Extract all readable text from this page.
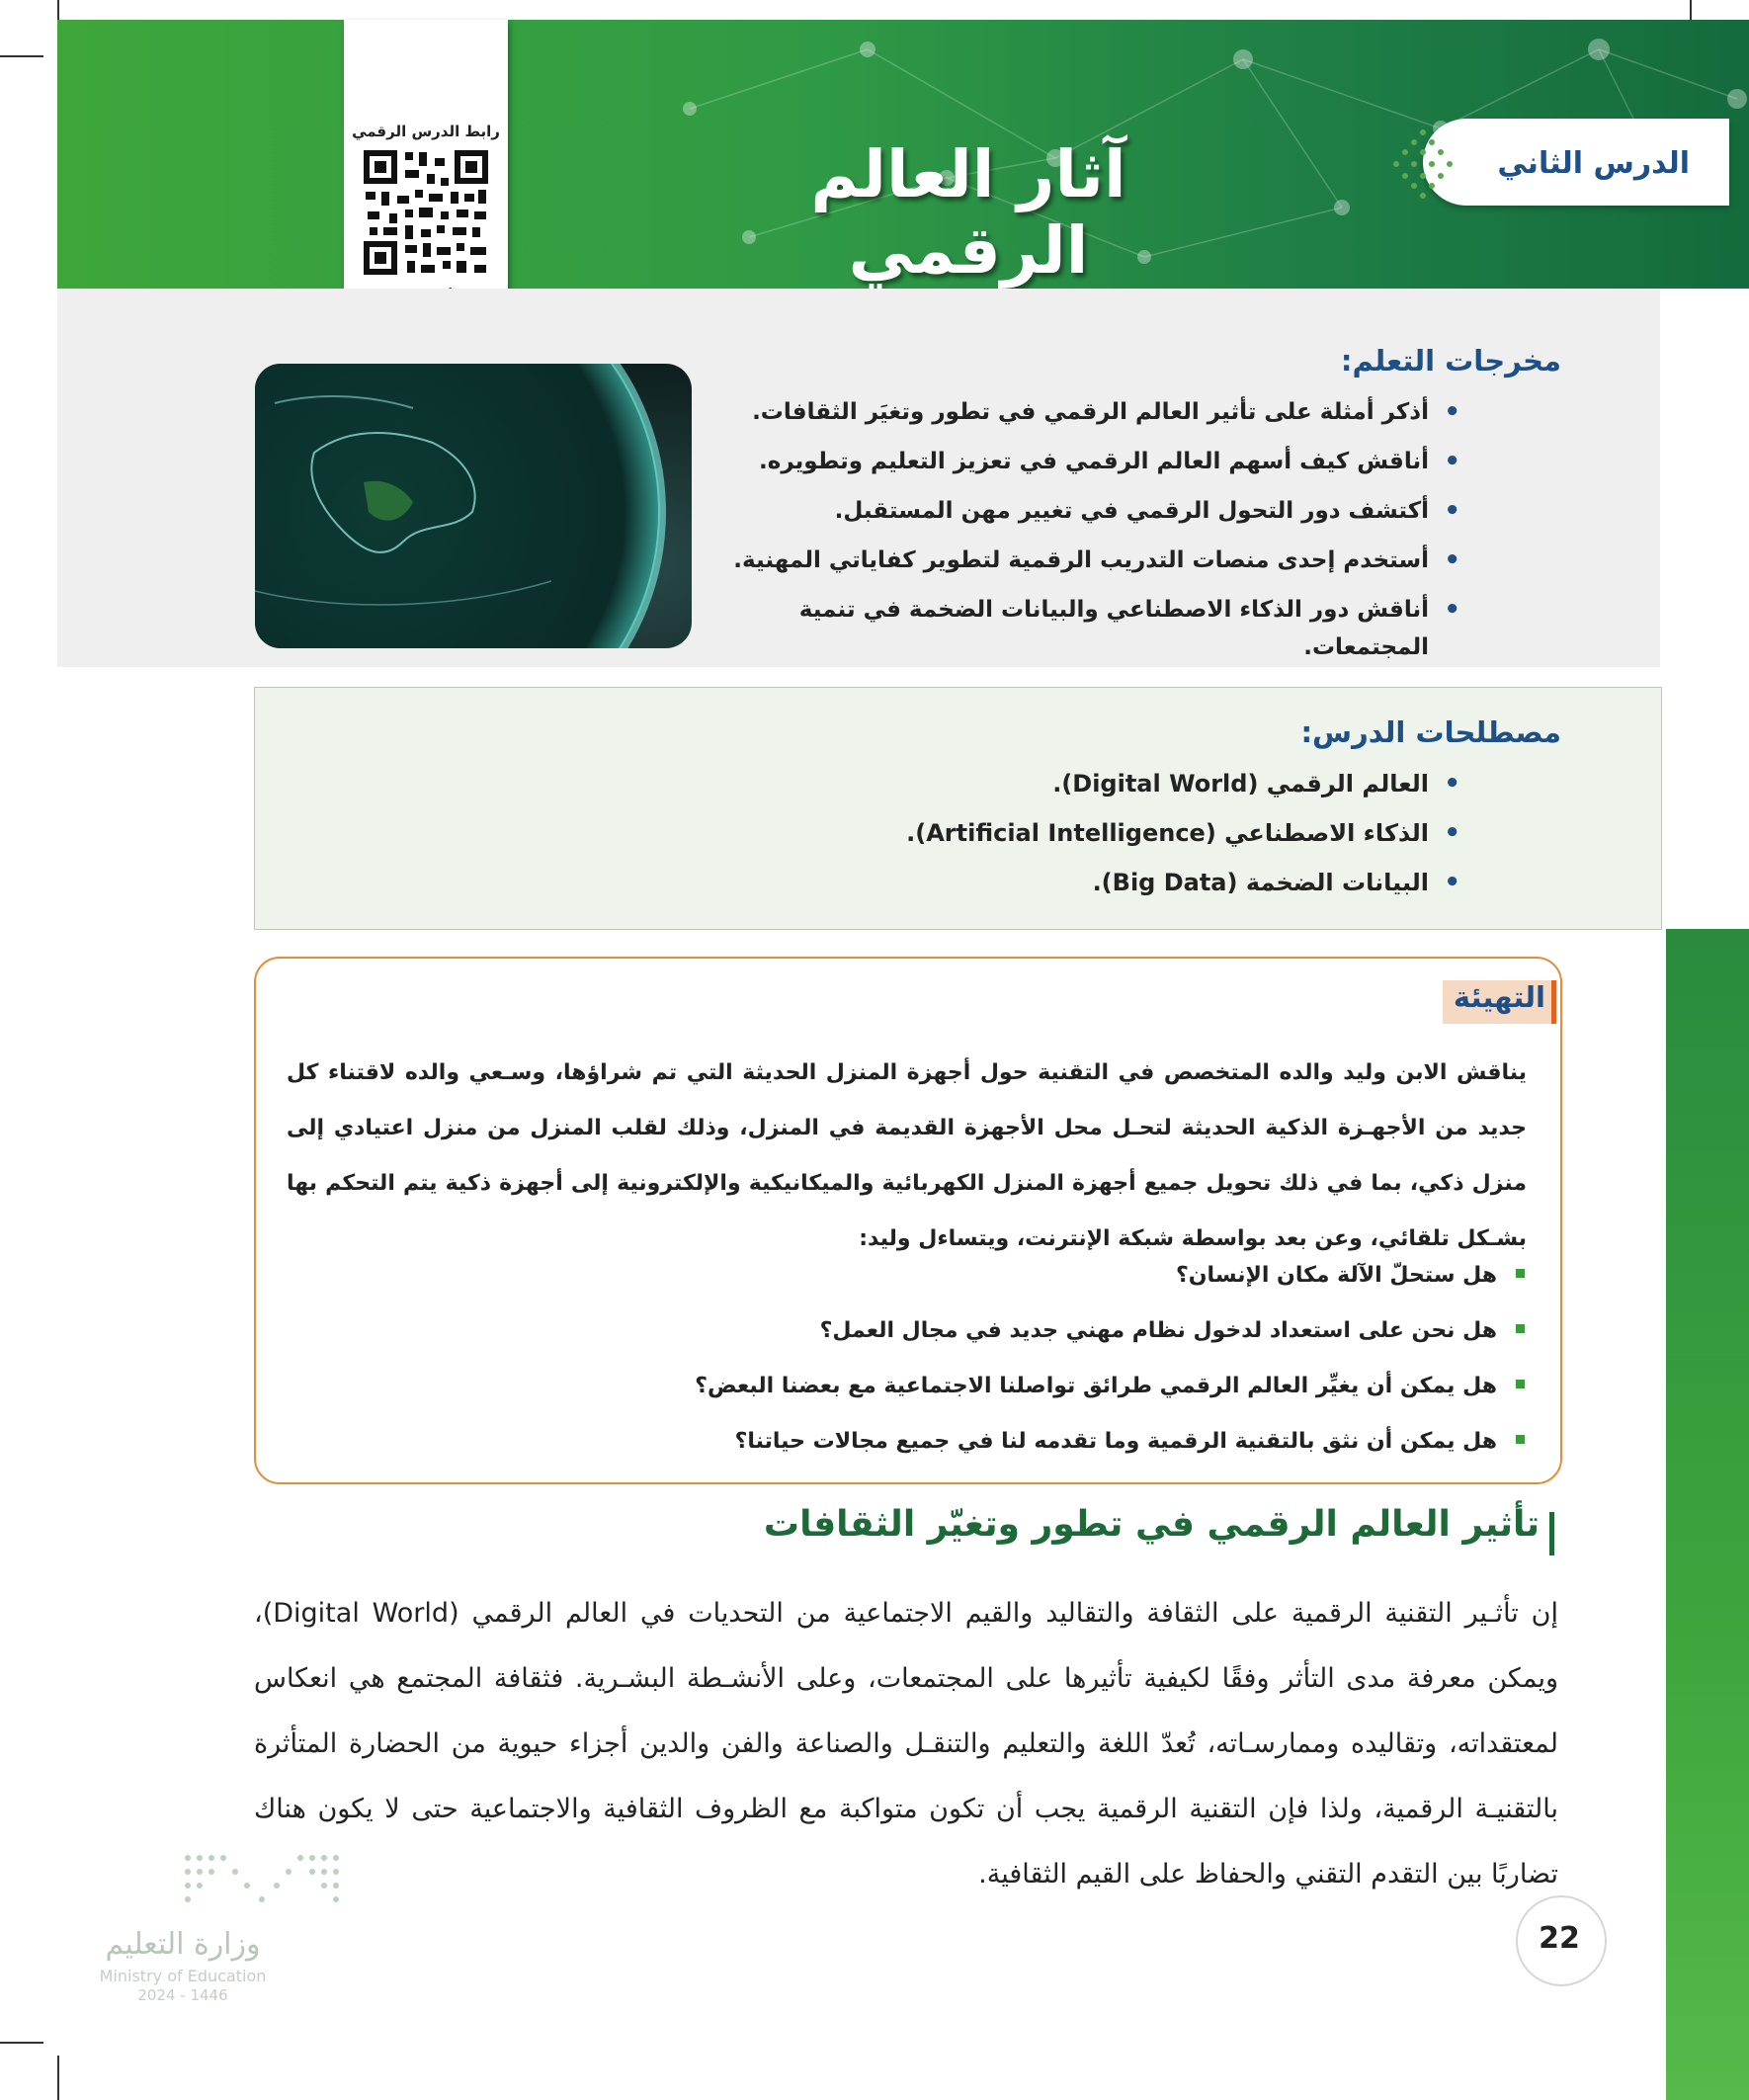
الدرس الثاني
آثار العالم الرقمي
رابط الدرس الرقمي
مخرجات التعلم:
•
أذكر أمثلة على تأثير العالم الرقمي في تطور وتغيَر الثقافات.
•
أناقش كيف أسهم العالم الرقمي في تعزيز التعليم وتطويره.
•
أكتشف دور التحول الرقمي في تغيير مهن المستقبل.
•
أستخدم إحدى منصات التدريب الرقمية لتطوير كفاياتي المهنية.
•
أناقش دور الذكاء الاصطناعي والبيانات الضخمة في تنمية المجتمعات.
مصطلحات الدرس:
•
العالم الرقمي (Digital World).
•
الذكاء الاصطناعي (Artificial Intelligence).
•
البيانات الضخمة (Big Data).
التهيئة
يناقش الابن وليد والده المتخصص في التقنية حول أجهزة المنزل الحديثة التي تم شراؤها، وسـعي والده لاقتناء كل جديد من الأجهـزة الذكية الحديثة لتحـل محل الأجهزة القديمة في المنزل، وذلك لقلب المنزل من منزل اعتيادي إلى منزل ذكي، بما في ذلك تحويل جميع أجهزة المنزل الكهربائية والميكانيكية والإلكترونية إلى أجهزة ذكية يتم التحكم بها بشـكل تلقائي، وعن بعد بواسطة شبكة الإنترنت، ويتساءل وليد:
هل ستحلّ الآلة مكان الإنسان؟
هل نحن على استعداد لدخول نظام مهني جديد في مجال العمل؟
هل يمكن أن يغيِّر العالم الرقمي طرائق تواصلنا الاجتماعية مع بعضنا البعض؟
هل يمكن أن نثق بالتقنية الرقمية وما تقدمه لنا في جميع مجالات حياتنا؟
تأثير العالم الرقمي في تطور وتغيّر الثقافات
إن تأثـير التقنية الرقمية على الثقافة والتقاليد والقيم الاجتماعية من التحديات في العالم الرقمي (Digital World)، ويمكن معرفة مدى التأثر وفقًا لكيفية تأثيرها على المجتمعات، وعلى الأنشـطة البشـرية. فثقافة المجتمع هي انعكاس لمعتقداته، وتقاليده وممارسـاته، تُعدّ اللغة والتعليم والتنقـل والصناعة والفن والدين أجزاء حيوية من الحضارة المتأثرة بالتقنيـة الرقمية، ولذا فإن التقنية الرقمية يجب أن تكون متواكبة مع الظروف الثقافية والاجتماعية حتى لا يكون هناك تضاربًا بين التقدم التقني والحفاظ على القيم الثقافية.
22
وزارة التعليم
Ministry of Education
2024 - 1446
